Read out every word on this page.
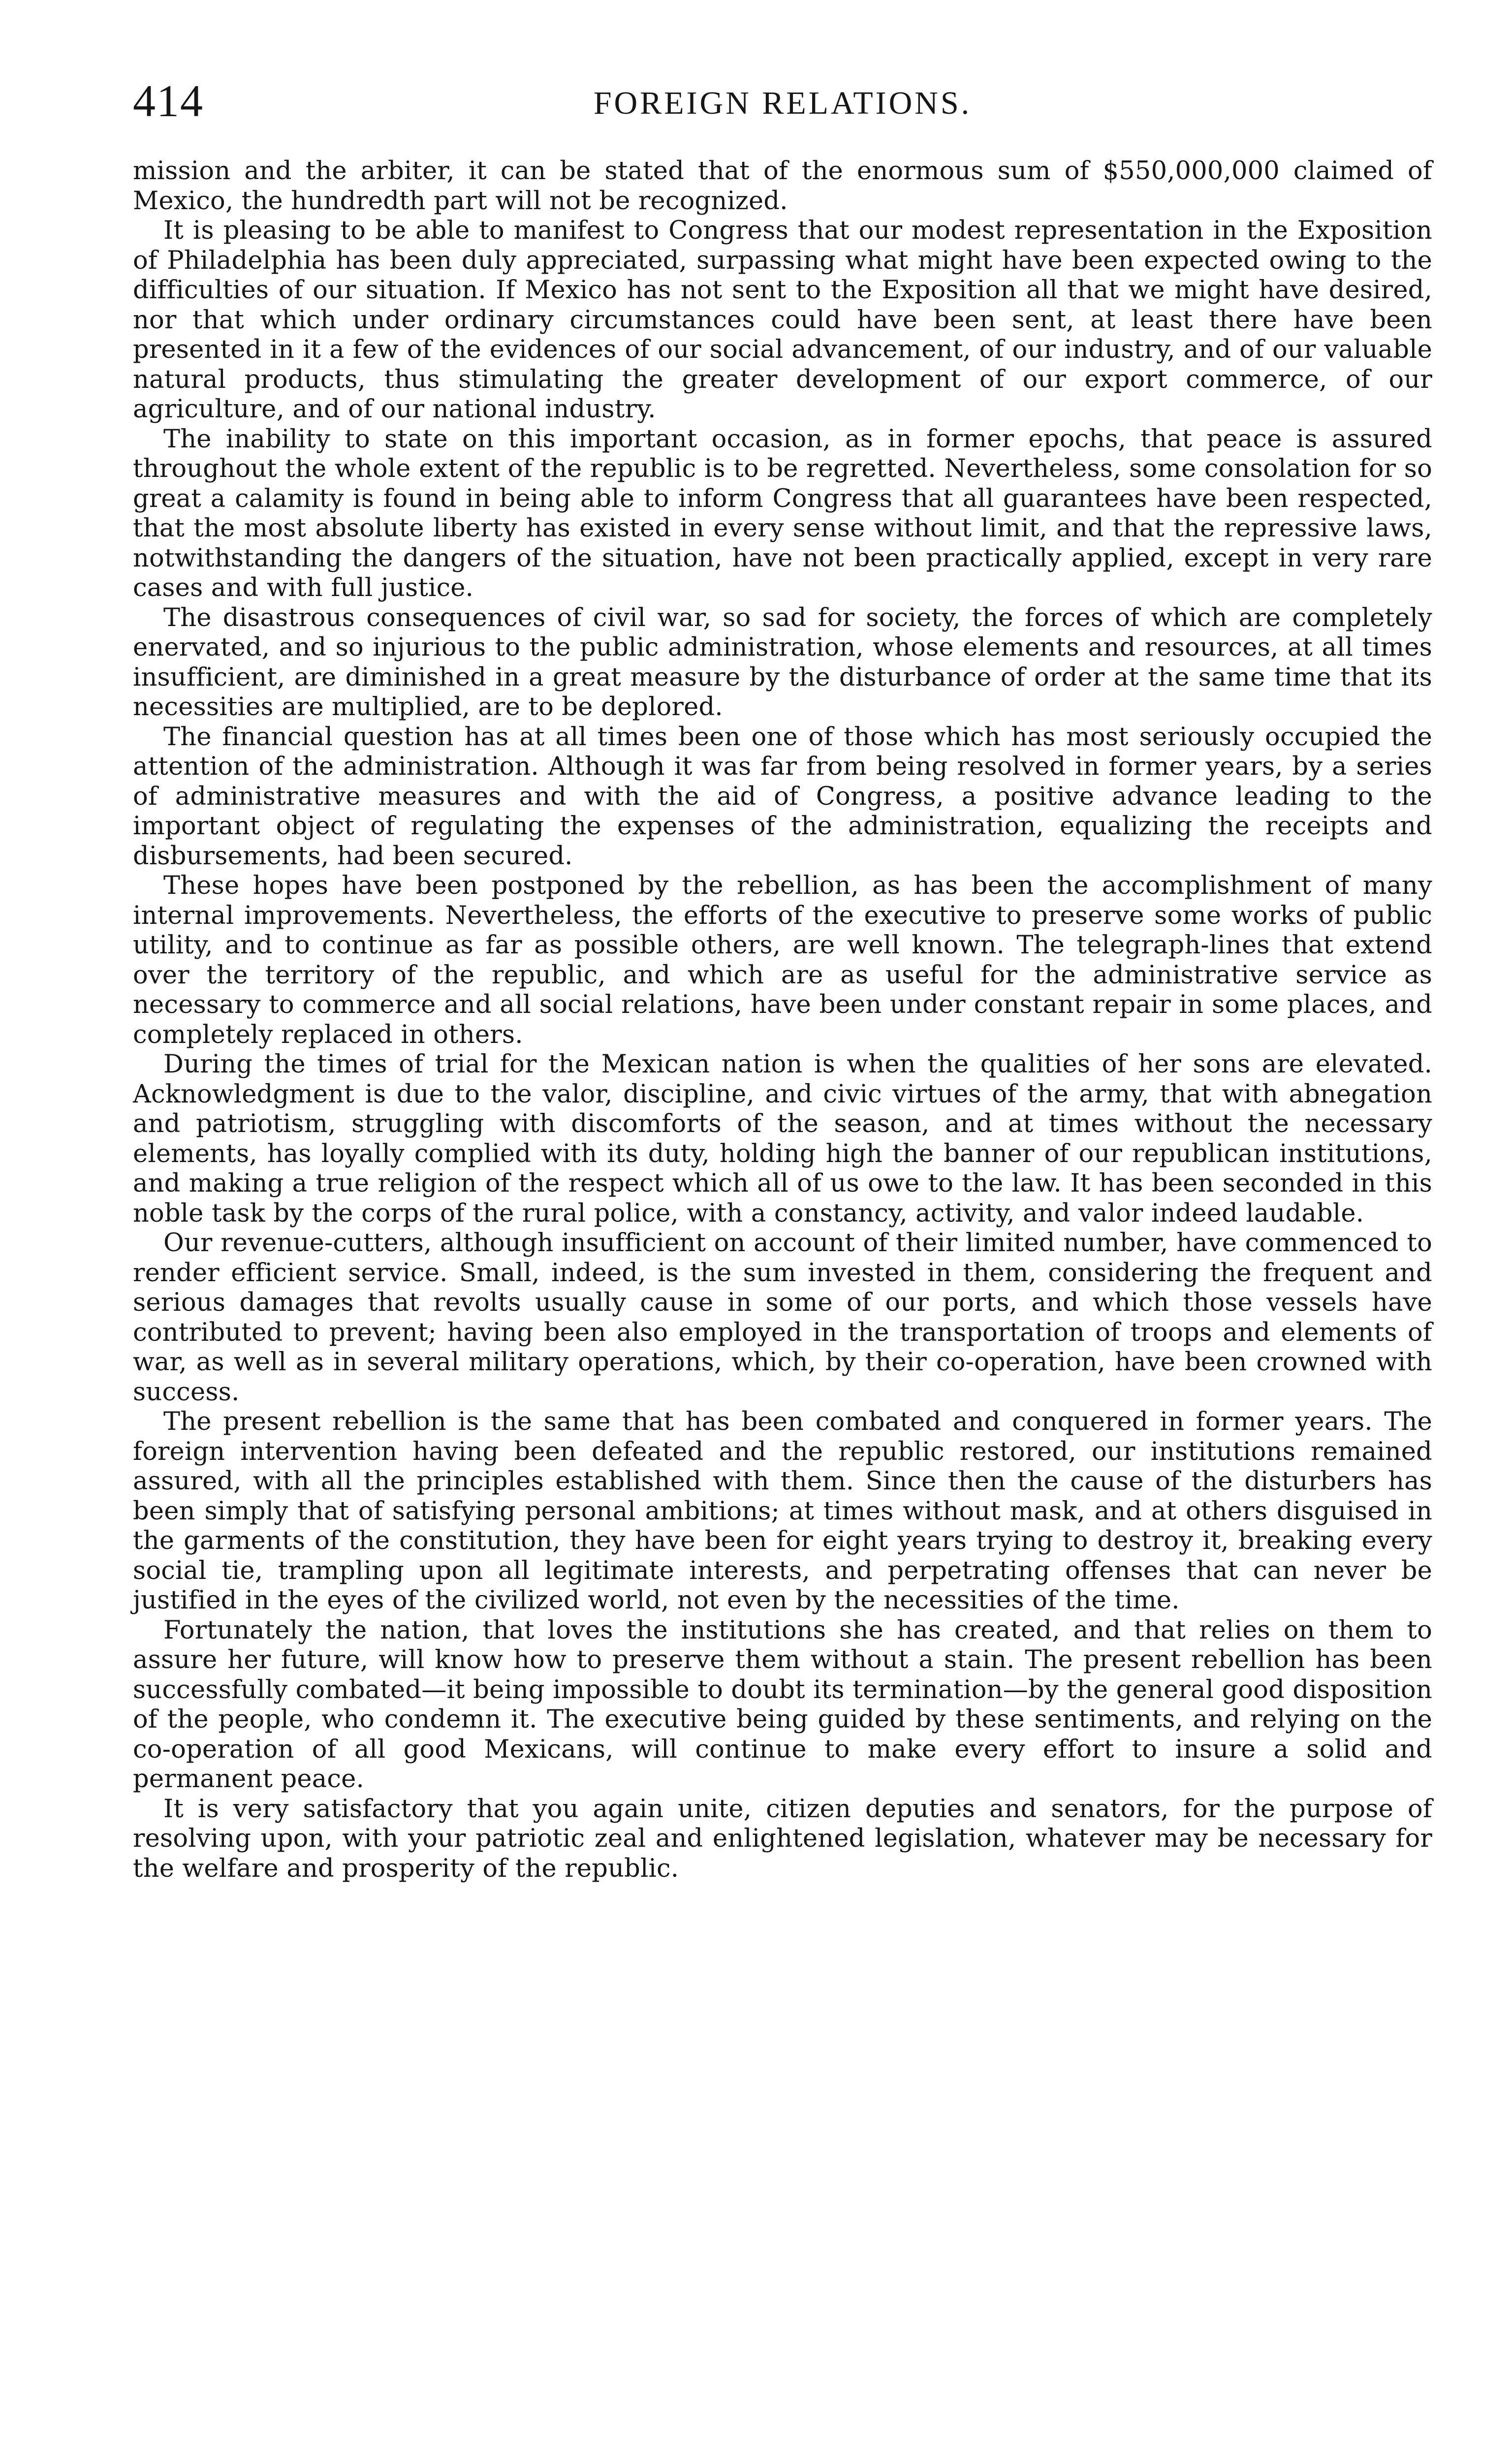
414	FOREIGN RELATIONS.

mission and the arbiter, it can be stated that of the enormous sum of $550,000,000 claimed of Mexico, the hundredth part will not be recognized.

It is pleasing to be able to manifest to Congress that our modest representation in the Exposition of Philadelphia has been duly appreciated, surpassing what might have been expected owing to the difficulties of our situation. If Mexico has not sent to the Exposition all that we might have desired, nor that which under ordinary circumstances could have been sent, at least there have been presented in it a few of the evidences of our social advancement, of our industry, and of our valuable natural products, thus stimulating the greater development of our export commerce, of our agriculture, and of our national industry.

The inability to state on this important occasion, as in former epochs, that peace is assured throughout the whole extent of the republic is to be regretted. Nevertheless, some consolation for so great a calamity is found in being able to inform Congress that all guarantees have been respected, that the most absolute liberty has existed in every sense without limit, and that the repressive laws, notwithstanding the dangers of the situation, have not been practically applied, except in very rare cases and with full justice.

The disastrous consequences of civil war, so sad for society, the forces of which are completely enervated, and so injurious to the public administration, whose elements and resources, at all times insufficient, are diminished in a great measure by the disturbance of order at the same time that its necessities are multiplied, are to be deplored.

The financial question has at all times been one of those which has most seriously occupied the attention of the administration. Although it was far from being resolved in former years, by a series of administrative measures and with the aid of Congress, a positive advance leading to the important object of regulating the expenses of the administration, equalizing the receipts and disbursements, had been secured.

These hopes have been postponed by the rebellion, as has been the accomplishment of many internal improvements. Nevertheless, the efforts of the executive to preserve some works of public utility, and to continue as far as possible others, are well known. The telegraph-lines that extend over the territory of the republic, and which are as useful for the administrative service as necessary to commerce and all social relations, have been under constant repair in some places, and completely replaced in others.

During the times of trial for the Mexican nation is when the qualities of her sons are elevated. Acknowledgment is due to the valor, discipline, and civic virtues of the army, that with abnegation and patriotism, struggling with discomforts of the season, and at times without the necessary elements, has loyally complied with its duty, holding high the banner of our republican institutions, and making a true religion of the respect which all of us owe to the law. It has been seconded in this noble task by the corps of the rural police, with a constancy, activity, and valor indeed laudable.

Our revenue-cutters, although insufficient on account of their limited number, have commenced to render efficient service. Small, indeed, is the sum invested in them, considering the frequent and serious damages that revolts usually cause in some of our ports, and which those vessels have contributed to prevent; having been also employed in the transportation of troops and elements of war, as well as in several military operations, which, by their co-operation, have been crowned with success.

The present rebellion is the same that has been combated and conquered in former years. The foreign intervention having been defeated and the republic restored, our institutions remained assured, with all the principles established with them. Since then the cause of the disturbers has been simply that of satisfying personal ambitions; at times without mask, and at others disguised in the garments of the constitution, they have been for eight years trying to destroy it, breaking every social tie, trampling upon all legitimate interests, and perpetrating offenses that can never be justified in the eyes of the civilized world, not even by the necessities of the time.

Fortunately the nation, that loves the institutions she has created, and that relies on them to assure her future, will know how to preserve them without a stain. The present rebellion has been successfully combated—it being impossible to doubt its termination—by the general good disposition of the people, who condemn it. The executive being guided by these sentiments, and relying on the co-operation of all good Mexicans, will continue to make every effort to insure a solid and permanent peace.

It is very satisfactory that you again unite, citizen deputies and senators, for the purpose of resolving upon, with your patriotic zeal and enlightened legislation, whatever may be necessary for the welfare and prosperity of the republic.
